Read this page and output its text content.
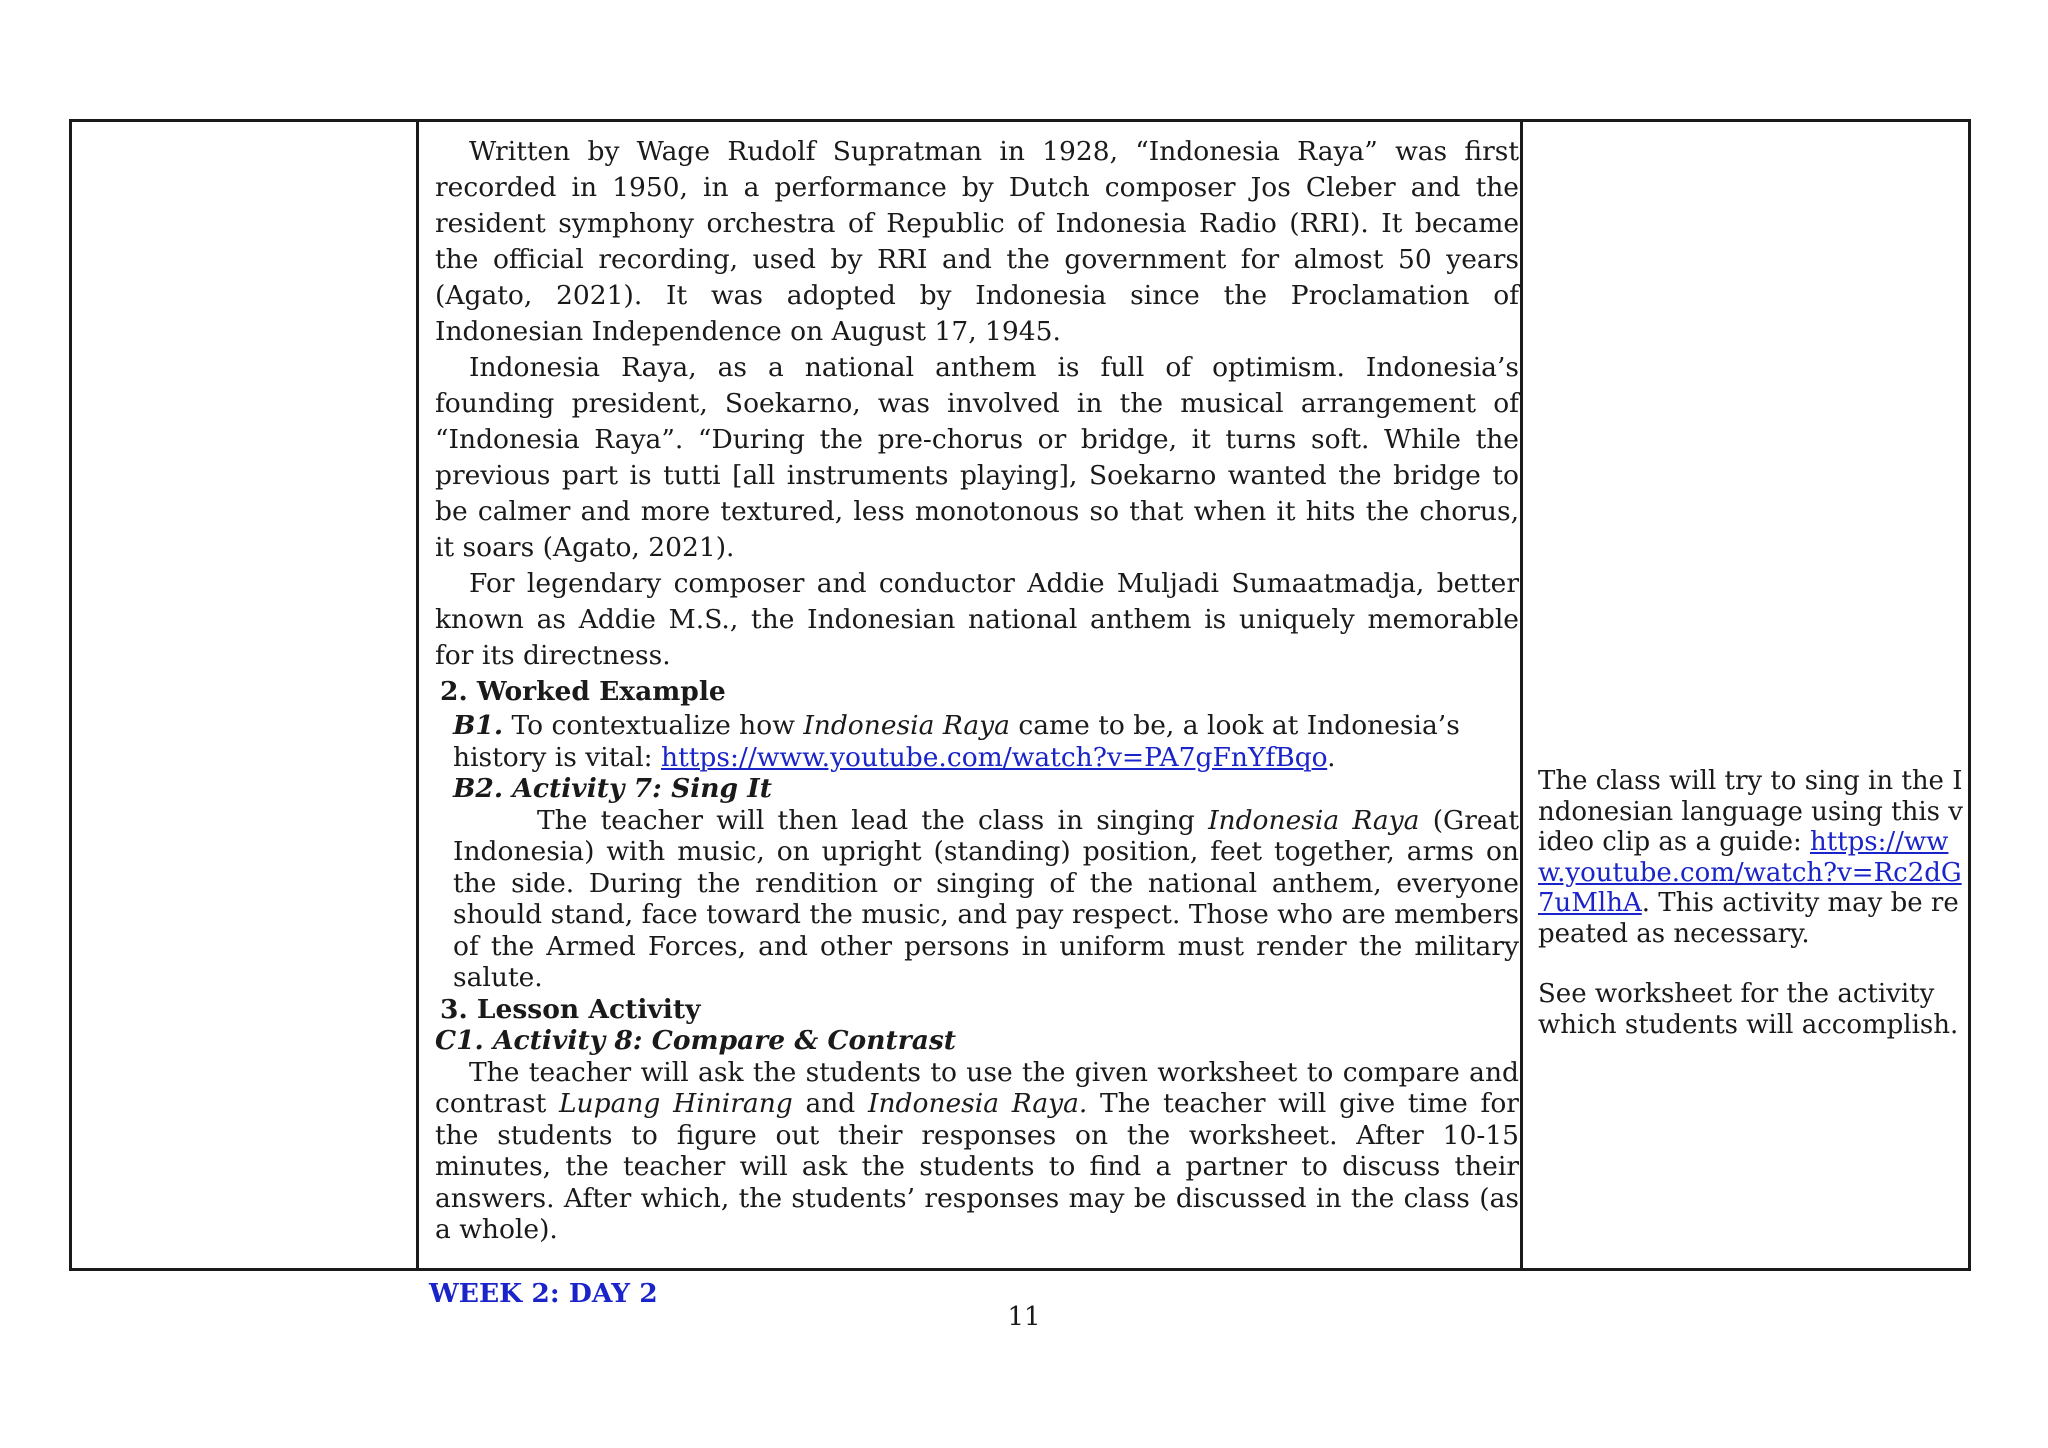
Written by Wage Rudolf Supratman in 1928, “Indonesia Raya” was first recorded in 1950, in a performance by Dutch composer Jos Cleber and the resident symphony orchestra of Republic of Indonesia Radio (RRI). It became the official recording, used by RRI and the government for almost 50 years (Agato, 2021). It was adopted by Indonesia since the Proclamation of Indonesian Independence on August 17, 1945.

Indonesia Raya, as a national anthem is full of optimism. Indonesia’s founding president, Soekarno, was involved in the musical arrangement of “Indonesia Raya”. “During the pre-chorus or bridge, it turns soft. While the previous part is tutti [all instruments playing], Soekarno wanted the bridge to be calmer and more textured, less monotonous so that when it hits the chorus, it soars (Agato, 2021).

For legendary composer and conductor Addie Muljadi Sumaatmadja, better known as Addie M.S., the Indonesian national anthem is uniquely memorable for its directness.

2. Worked Example

B1. To contextualize how Indonesia Raya came to be, a look at Indonesia’s history is vital: https://www.youtube.com/watch?v=PA7gFnYfBqo.

B2. Activity 7: Sing It

The teacher will then lead the class in singing Indonesia Raya (Great Indonesia) with music, on upright (standing) position, feet together, arms on the side. During the rendition or singing of the national anthem, everyone should stand, face toward the music, and pay respect. Those who are members of the Armed Forces, and other persons in uniform must render the military salute.

3. Lesson Activity

C1. Activity 8: Compare & Contrast

The teacher will ask the students to use the given worksheet to compare and contrast Lupang Hinirang and Indonesia Raya. The teacher will give time for the students to figure out their responses on the worksheet. After 10-15 minutes, the teacher will ask the students to find a partner to discuss their answers. After which, the students’ responses may be discussed in the class (as a whole).

WEEK 2: DAY 2

The class will try to sing in the Indonesian language using this video clip as a guide: https://www.youtube.com/watch?v=Rc2dG7uMlhA. This activity may be repeated as necessary.

See worksheet for the activity which students will accomplish.

11
